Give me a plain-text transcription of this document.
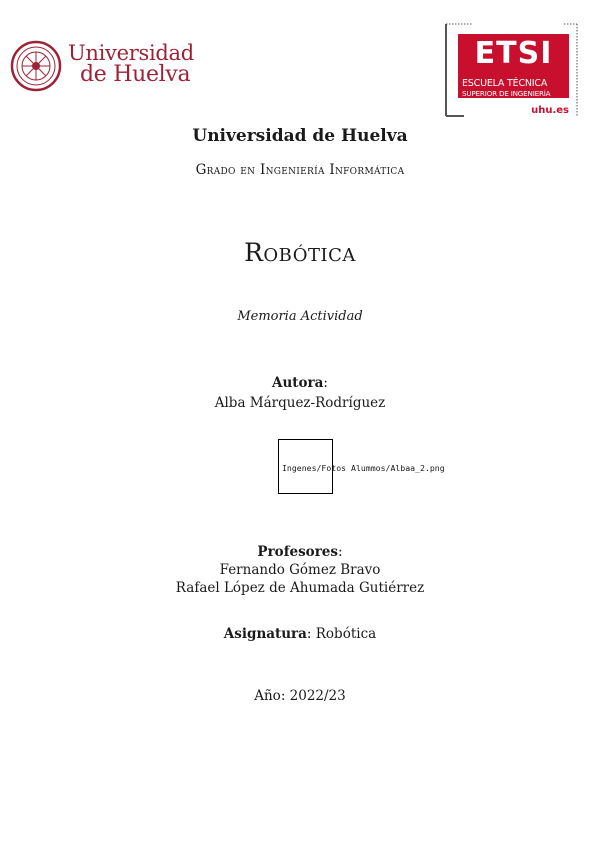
Universidad
de Huelva
ETSI
ESCUELA TÉCNICA
SUPERIOR DE INGENIERÍA
uhu.es
Universidad de Huelva
Grado en Ingeniería Informática
Robótica
Memoria Actividad
Autora:
Alba Márquez-Rodríguez
Ingenes/Fotos Alummos/Albaa_2.png
Profesores:
Fernando Gómez Bravo
Rafael López de Ahumada Gutiérrez
Asignatura: Robótica
Año: 2022/23
